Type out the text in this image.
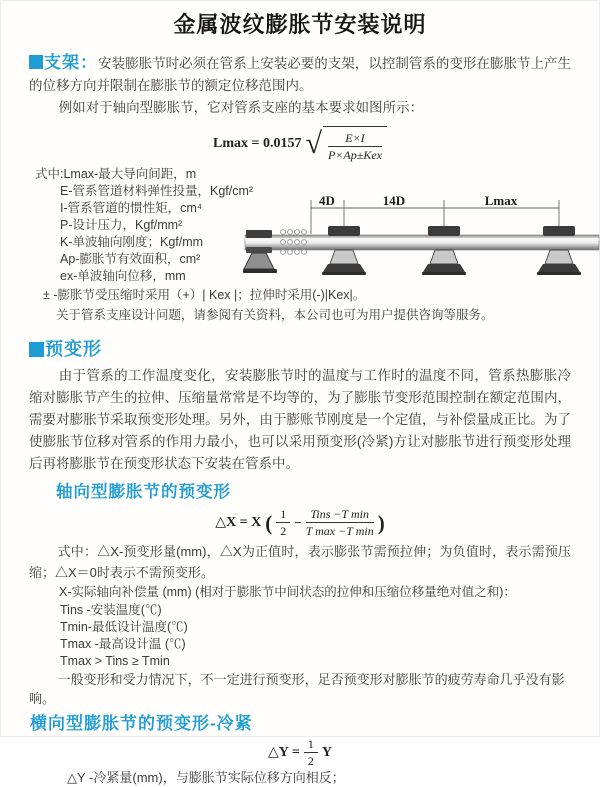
金属波纹膨胀节安装说明

支架：安装膨胀节时必须在管系上安装必要的支架，以控制管系的变形在膨胀节上产生的位移方向并限制在膨胀节的额定位移范围内。

例如对于轴向型膨胀节，它对管系支座的基本要求如图所示：

Lmax = 0.0157 √ $\frac{E\times I}{\text{P×Ap±Kex}}$
式中:Lmax-最大导向间距，m
E-管系管道材料弹性投量，Kgf/cm²
I-管系管道的惯性矩，cm⁴
P-设计压力，Kgf/mm²
K-单波轴向刚度；Kgf/mm
Ap-膨胀节有效面积，cm²
ex-单波轴向位移，mm
± -膨胀节受压缩时采用（+）| Kex |；拉伸时采用(-)|Kex|。
关于管系支座设计问题，请参阅有关资料，本公司也可为用户提供咨询等服务。
4D	14D	Lmax
预变形

由于管系的工作温度变化，安装膨胀节时的温度与工作时的温度不同，管系热膨胀冷缩对膨胀节产生的拉伸、压缩量常常是不均等的，为了膨胀节变形范围控制在额定范围内，需要对膨胀节采取预变形处理。另外，由于膨账节刚度是一个定值，与补偿量成正比。为了使膨胀节位移对管系的作用力最小，也可以采用预变形(冷紧)方让对膨胀节进行预变形处理后再将膨胀节在预变形状态下安装在管系中。

轴向型膨胀节的预变形
△X = X ( $\frac{1}{2} - \frac{\text{Tins −T min}}{\text{T max −T min}}$ )

式中：△X-预变形量(mm)，△X为正值时，表示膨张节需预拉伸；为负值时，表示需预压缩；△X＝0时表示不需预变形。

X-实际轴向补偿量 (mm) (相对于膨胀节中间状态的拉伸和压缩位移量绝对值之和)：

Tins -安装温度(℃)
Tmin-最低设计温度(℃)
Tmax -最高设计温 (℃)
Tmax > Tins ≥ Tmin

一般变形和受力情况下，不一定进行预变形，足否预变形对膨胀节的疲劳寿命几乎没有影响。

横向型膨胀节的预变形-冷紧
△Y = $\frac{1}{2}$ Y
△Y -冷紧量(mm)，与膨胀节实际位移方向相反；
